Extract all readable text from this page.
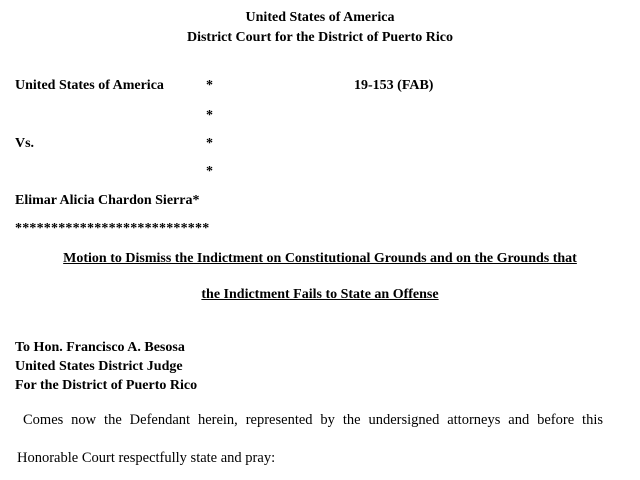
United States of America
District Court for the District of Puerto Rico
United States of America	*	19-153 (FAB)
*
Vs.	*
*
Elimar Alicia Chardon Sierra*
***************************
Motion to Dismiss the Indictment on Constitutional Grounds and on the Grounds that
the Indictment Fails to State an Offense
To Hon. Francisco A. Besosa
United States District Judge
For the District of Puerto Rico
Comes now the Defendant herein, represented by the undersigned attorneys and before this
Honorable Court respectfully state and pray:
